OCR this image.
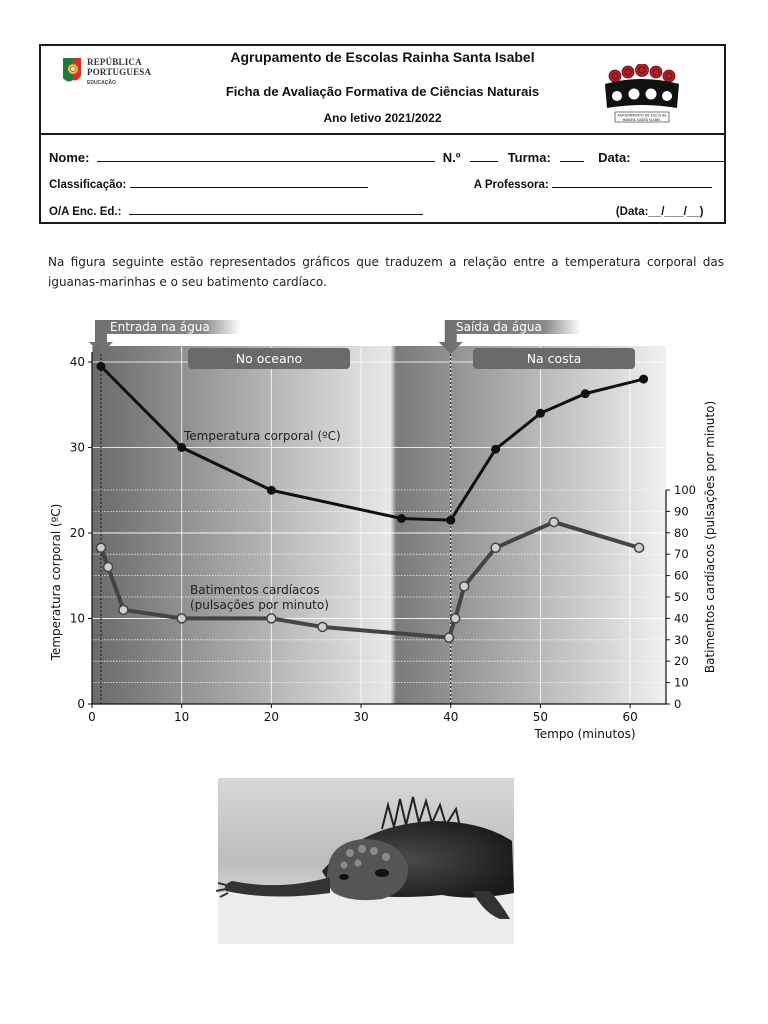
REPÚBLICA
PORTUGUESA
EDUCAÇÃO
Agrupamento de Escolas Rainha Santa Isabel
Ficha de Avaliação Formativa de Ciências Naturais
Ano letivo 2021/2022	AGRUPAMENTO DE ESCOLAS
RAINHA SANTA ISABEL
Nome:	N.º	Turma:	Data:
Classificação:	A Professora:
O/A Enc. Ed.:	(Data:__/___/__)

Na figura seguinte estão representados gráficos que traduzem a relação entre a temperatura corporal das iguanas-marinhas e o seu batimento cardíaco.

0	10	20	30	40	50	60
0
10
20
30
40
0
10
20
30
40
50
60
70
80
90
100
Entrada na água	Saída da água
No oceano	Na costa
Temperatura corporal (ºC)
Batimentos cardíacos
(pulsações por minuto)
Temperatura corporal (ºC)	Batimentos cardíacos (pulsações por minuto)
Tempo (minutos)
